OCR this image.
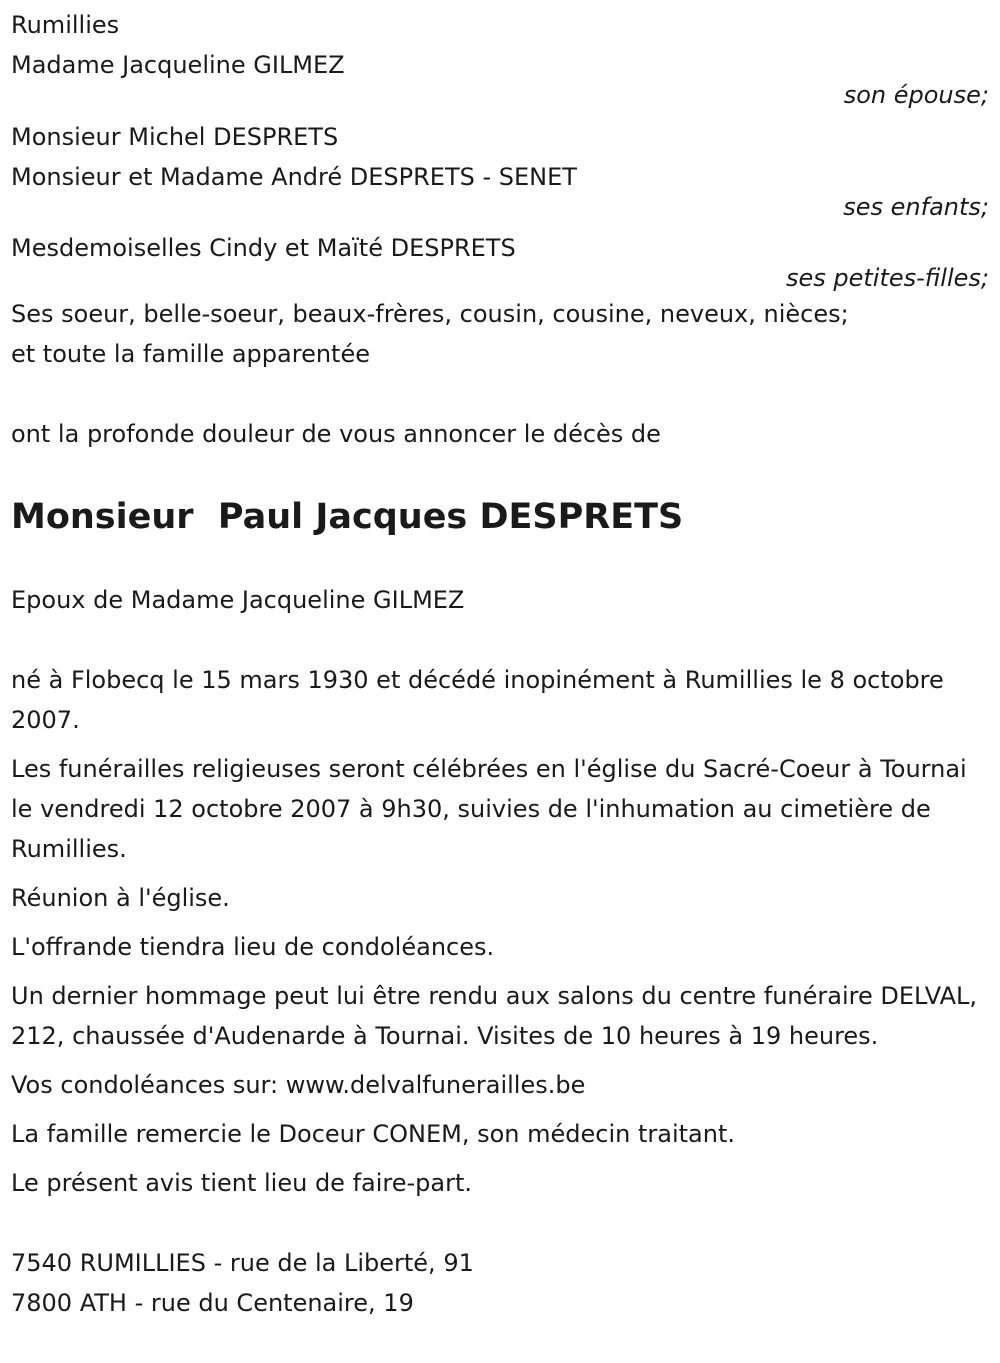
Rumillies
Madame Jacqueline GILMEZ
son épouse;
Monsieur Michel DESPRETS
Monsieur et Madame André DESPRETS - SENET
ses enfants;
Mesdemoiselles Cindy et Maïté DESPRETS
ses petites-filles;
Ses soeur, belle-soeur, beaux-frères, cousin, cousine, neveux, nièces;
et toute la famille apparentée
ont la profonde douleur de vous annoncer le décès de
Monsieur  Paul Jacques DESPRETS
Epoux de Madame Jacqueline GILMEZ
né à Flobecq le 15 mars 1930 et décédé inopinément à Rumillies le 8 octobre 2007.
Les funérailles religieuses seront célébrées en l'église du Sacré-Coeur à Tournai le vendredi 12 octobre 2007 à 9h30, suivies de l'inhumation au cimetière de Rumillies.
Réunion à l'église.
L'offrande tiendra lieu de condoléances.
Un dernier hommage peut lui être rendu aux salons du centre funéraire DELVAL, 212, chaussée d'Audenarde à Tournai. Visites de 10 heures à 19 heures.
Vos condoléances sur: www.delvalfunerailles.be
La famille remercie le Doceur CONEM, son médecin traitant.
Le présent avis tient lieu de faire-part.
7540 RUMILLIES - rue de la Liberté, 91
7800 ATH - rue du Centenaire, 19
